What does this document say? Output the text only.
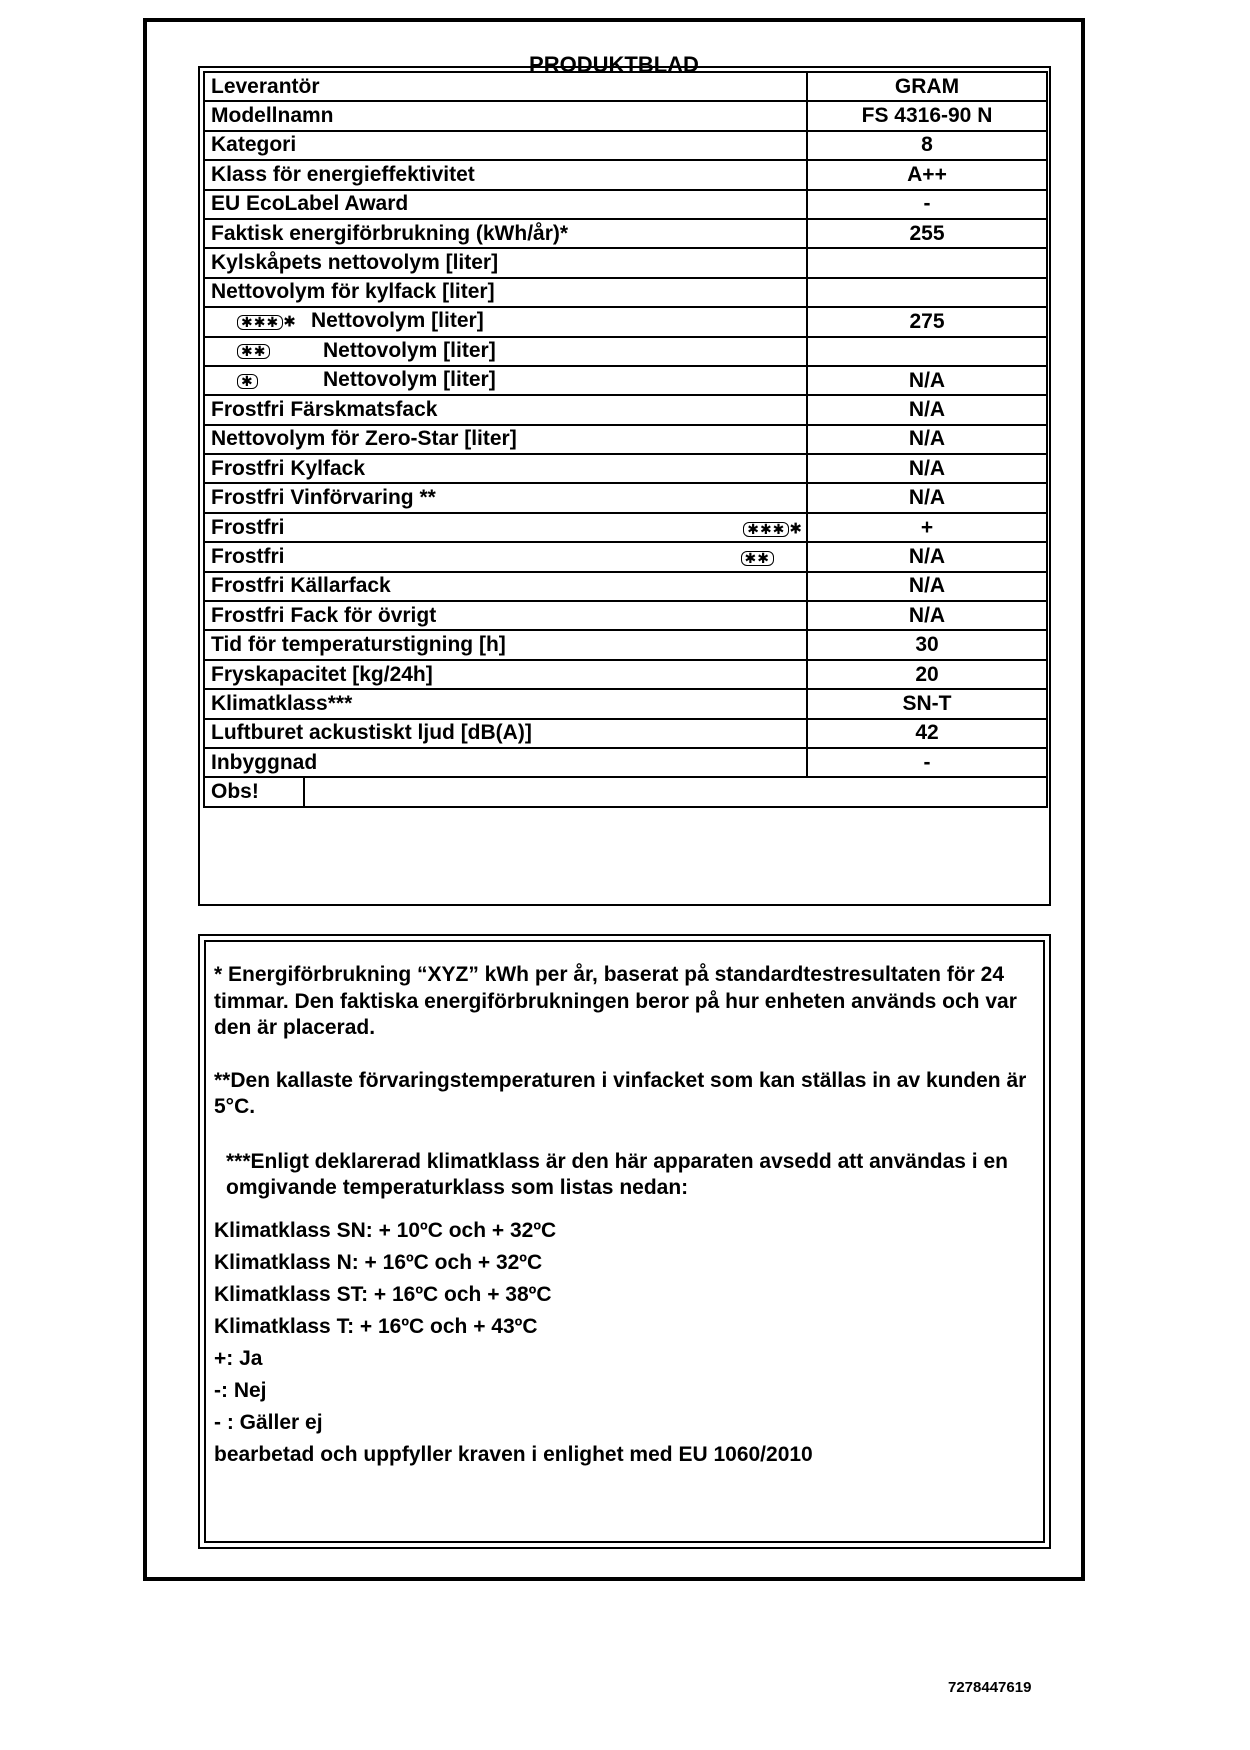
PRODUKTBLAD
Leverantör	GRAM
Modellnamn	FS 4316-90 N
Kategori	8
Klass för energieffektivitet	A++
EU EcoLabel Award	-
Faktisk energiförbrukning (kWh/år)*	255
Kylskåpets nettovolym [liter]	
Nettovolym för kylfack [liter]	
✱✱✱ ✱ Nettovolym [liter]	275
✱✱ Nettovolym [liter]	
✱ Nettovolym [liter]	N/A
Frostfri Färskmatsfack	N/A
Nettovolym för Zero-Star [liter]	N/A
Frostfri Kylfack	N/A
Frostfri Vinförvaring **	N/A
Frostfri ✱✱✱ ✱	+
Frostfri ✱✱	N/A
Frostfri Källarfack	N/A
Frostfri Fack för övrigt	N/A
Tid för temperaturstigning [h]	30
Fryskapacitet [kg/24h]	20
Klimatklass***	SN-T
Luftburet ackustiskt ljud [dB(A)]	42
Inbyggnad	-

Obs!	

* Energiförbrukning “XYZ” kWh per år, baserat på standardtestresultaten för 24 timmar. Den faktiska energiförbrukningen beror på hur enheten används och var den är placerad.

**Den kallaste förvaringstemperaturen i vinfacket som kan ställas in av kunden är 5°C.

***Enligt deklarerad klimatklass är den här apparaten avsedd att användas i en omgivande temperaturklass som listas nedan:

Klimatklass SN: + 10ºC och + 32ºC

Klimatklass N: + 16ºC och + 32ºC

Klimatklass ST: + 16ºC och + 38ºC

Klimatklass T: + 16ºC och + 43ºC

+: Ja

-: Nej

- : Gäller ej

bearbetad och uppfyller kraven i enlighet med EU 1060/2010

7278447619
